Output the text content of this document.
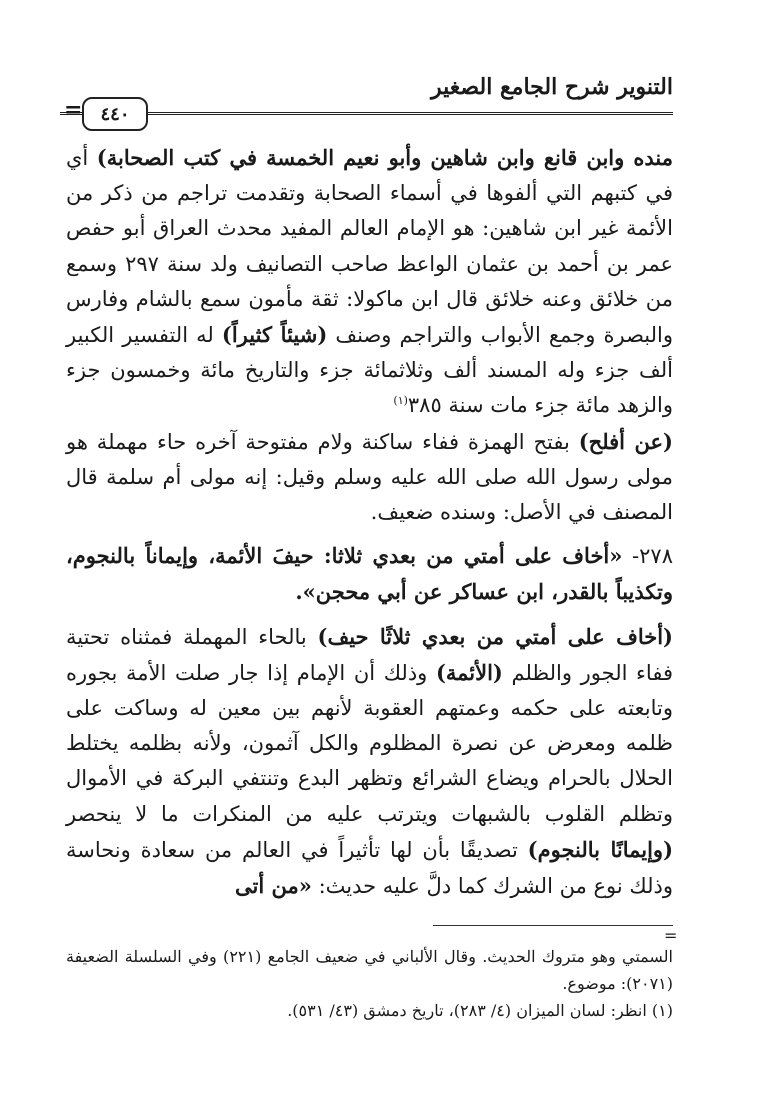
التنوير شرح الجامع الصغير
=	٤٤٠

منده وابن قانع وابن شاهين وأبو نعيم الخمسة في كتب الصحابة) أي في كتبهم التي ألفوها في أسماء الصحابة وتقدمت تراجم من ذكر من الأئمة غير ابن شاهين: هو الإمام العالم المفيد محدث العراق أبو حفص عمر بن أحمد بن عثمان الواعظ صاحب التصانيف ولد سنة ٢٩٧ وسمع من خلائق وعنه خلائق قال ابن ماكولا: ثقة مأمون سمع بالشام وفارس والبصرة وجمع الأبواب والتراجم وصنف (شيئاً كثيراً) له التفسير الكبير ألف جزء وله المسند ألف وثلاثمائة جزء والتاريخ مائة وخمسون جزء والزهد مائة جزء مات سنة ٣٨٥$^{(١)}$

(عن أفلح) بفتح الهمزة ففاء ساكنة ولام مفتوحة آخره حاء مهملة هو مولى رسول الله صلى الله عليه وسلم وقيل: إنه مولى أم سلمة قال المصنف في الأصل: وسنده ضعيف.

٢٧٨- «أخاف على أمتي من بعدي ثلاثا: حيفَ الأئمة، وإيماناً بالنجوم، وتكذيباً بالقدر، ابن عساكر عن أبي محجن».

(أخاف على أمتي من بعدي ثلاثًا حيف) بالحاء المهملة فمثناه تحتية ففاء الجور والظلم (الأئمة) وذلك أن الإمام إذا جار صلت الأمة بجوره وتابعته على حكمه وعمتهم العقوبة لأنهم بين معين له وساكت على ظلمه ومعرض عن نصرة المظلوم والكل آثمون، ولأنه بظلمه يختلط الحلال بالحرام ويضاع الشرائع وتظهر البدع وتنتفي البركة في الأموال وتظلم القلوب بالشبهات ويترتب عليه من المنكرات ما لا ينحصر (وإيمانًا بالنجوم) تصديقًا بأن لها تأثيراً في العالم من سعادة ونحاسة وذلك نوع من الشرك كما دلَّ عليه حديث: «من أتى

=

السمتي وهو متروك الحديث. وقال الألباني في ضعيف الجامع (٢٢١) وفي السلسلة الضعيفة (٢٠٧١): موضوع.

(١) انظر: لسان الميزان (٤/ ٢٨٣)، تاريخ دمشق (٤٣/ ٥٣١).
